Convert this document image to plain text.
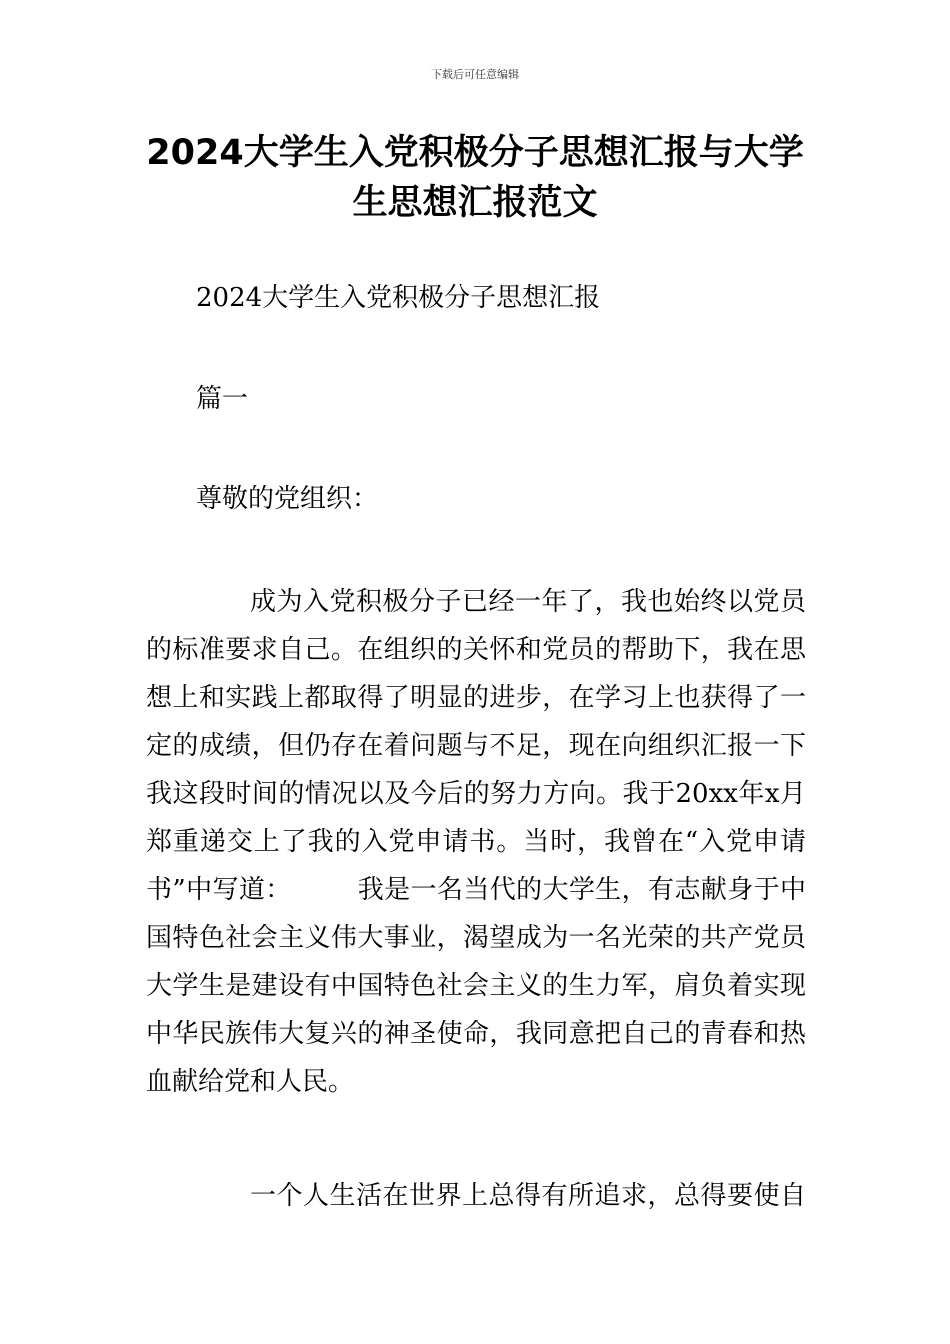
下载后可任意编辑
2024大学生入党积极分子思想汇报与大学
生思想汇报范文
2024大学生入党积极分子思想汇报
篇一
尊敬的党组织：
成为入党积极分子已经一年了，我也始终以党员
的标准要求自己。在组织的关怀和党员的帮助下，我在思
想上和实践上都取得了明显的进步，在学习上也获得了一
定的成绩，但仍存在着问题与不足，现在向组织汇报一下
我这段时间的情况以及今后的努力方向。我于20xx年x月
郑重递交上了我的入党申请书。当时，我曾在“入党申请
书”中写道：　　　我是一名当代的大学生，有志献身于中
国特色社会主义伟大事业，渴望成为一名光荣的共产党员
大学生是建设有中国特色社会主义的生力军，肩负着实现
中华民族伟大复兴的神圣使命，我同意把自己的青春和热
血献给党和人民。
一个人生活在世界上总得有所追求，总得要使自
